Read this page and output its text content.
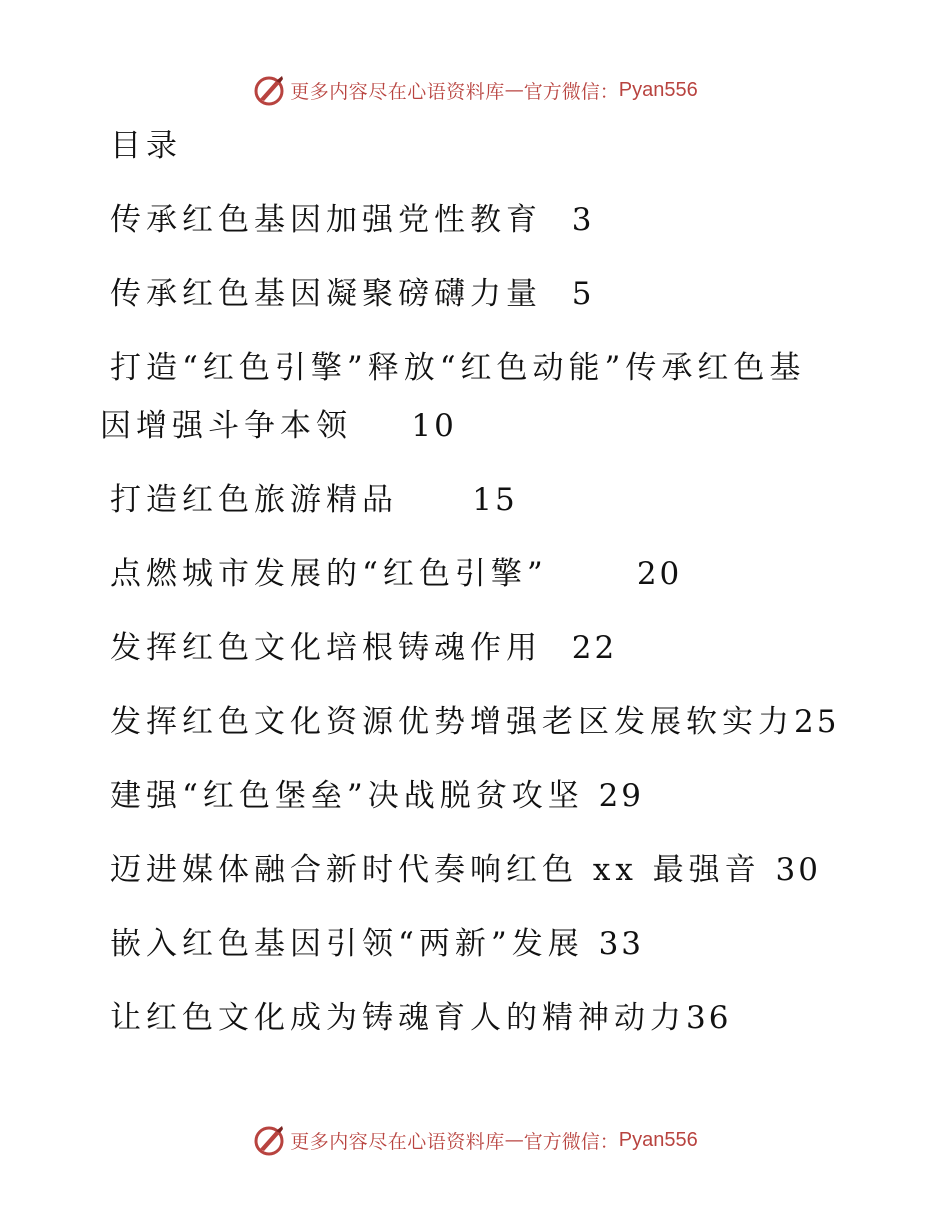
更多内容尽在心语资料库 — 官方微信： Pyan556
目录
传承红色基因加强党性教育 3
传承红色基因凝聚磅礴力量 5
打造“红色引擎”释放“红色动能”传承红色基
因增强斗争本领 10
打造红色旅游精品 15
点燃城市发展的“红色引擎”	20
发挥红色文化培根铸魂作用 22
发挥红色文化资源优势增强老区发展软实力25
建强“红色堡垒”决战脱贫攻坚 29
迈进媒体融合新时代奏响红色 xx 最强音 30
嵌入红色基因引领“两新”发展 33
让红色文化成为铸魂育人的精神动力36
更多内容尽在心语资料库 — 官方微信： Pyan556
